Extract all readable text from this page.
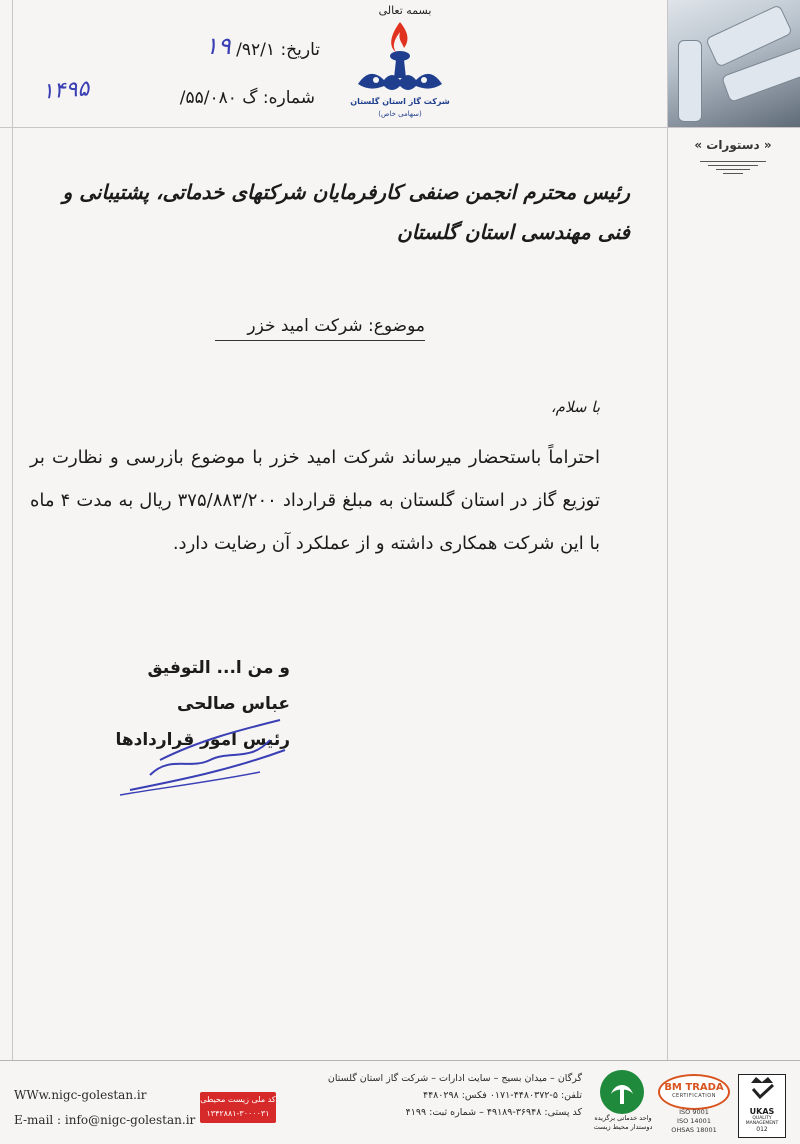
بسمه تعالی
شرکت گاز استان گلستان
(سهامی خاص)
تاریخ: ۹۲/۱/
۱۹
شماره: گ ۵۵/۰۸۰/
۱۴۹۵
« دستورات »
رئیس محترم انجمن صنفی کارفرمایان شرکتهای خدماتی، پشتیبانی و
فنی مهندسی استان گلستان
موضوع: شرکت امید خزر
با سلام،
احتراماً باستحضار میرساند شرکت امید خزر با موضوع بازرسی و نظارت بر توزیع گاز در استان گلستان به مبلغ قرارداد ۳۷۵/۸۸۳/۲۰۰ ریال به مدت ۴ ماه با این شرکت همکاری داشته و از عملکرد آن رضایت دارد.
و من ا... التوفیق
عباس صالحی
رئیس امور قراردادها
WWw.nigc-golestan.ir
E-mail : info@nigc-golestan.ir
کد ملی زیست محیطی
۱۳۴۲۸۸۱-۳۰۰۰۰۳۱
گرگان – میدان بسیج – سایت ادارات – شرکت گاز استان گلستان
تلفن: ۵-۴۴۸۰۳۷۲-۰۱۷۱ فکس: ۴۴۸۰۲۹۸
کد پستی: ۳۶۹۴۸-۴۹۱۸۹ – شماره ثبت: ۴۱۹۹	واحد خدماتی برگزیده دوستدار محیط زیست
BM TRADA
CERTIFICATION
ISO 9001
ISO 14001
OHSAS 18001
UKAS
QUALITY MANAGEMENT
012
